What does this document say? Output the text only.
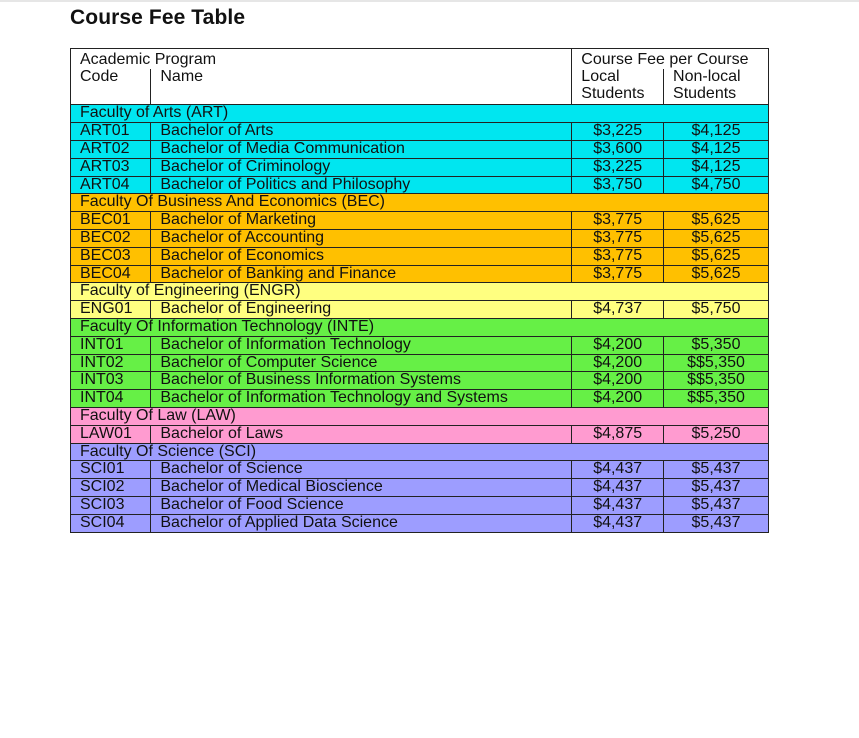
Course Fee Table
Academic Program		Course Fee per Course	
Code	Name	Local	Non-local
		Students	Students
Faculty of Arts (ART)			
ART01	Bachelor of Arts	$3,225	$4,125
ART02	Bachelor of Media Communication	$3,600	$4,125
ART03	Bachelor of Criminology	$3,225	$4,125
ART04	Bachelor of Politics and Philosophy	$3,750	$4,750
Faculty Of Business And Economics (BEC)			
BEC01	Bachelor of Marketing	$3,775	$5,625
BEC02	Bachelor of Accounting	$3,775	$5,625
BEC03	Bachelor of Economics	$3,775	$5,625
BEC04	Bachelor of Banking and Finance	$3,775	$5,625
Faculty of Engineering (ENGR)			
ENG01	Bachelor of Engineering	$4,737	$5,750
Faculty Of Information Technology (INTE)			
INT01	Bachelor of Information Technology	$4,200	$5,350
INT02	Bachelor of Computer Science	$4,200	$$5,350
INT03	Bachelor of Business Information Systems	$4,200	$$5,350
INT04	Bachelor of Information Technology and Systems	$4,200	$$5,350
Faculty Of Law (LAW)			
LAW01	Bachelor of Laws	$4,875	$5,250
Faculty Of Science (SCI)			
SCI01	Bachelor of Science	$4,437	$5,437
SCI02	Bachelor of Medical Bioscience	$4,437	$5,437
SCI03	Bachelor of Food Science	$4,437	$5,437
SCI04	Bachelor of Applied Data Science	$4,437	$5,437
